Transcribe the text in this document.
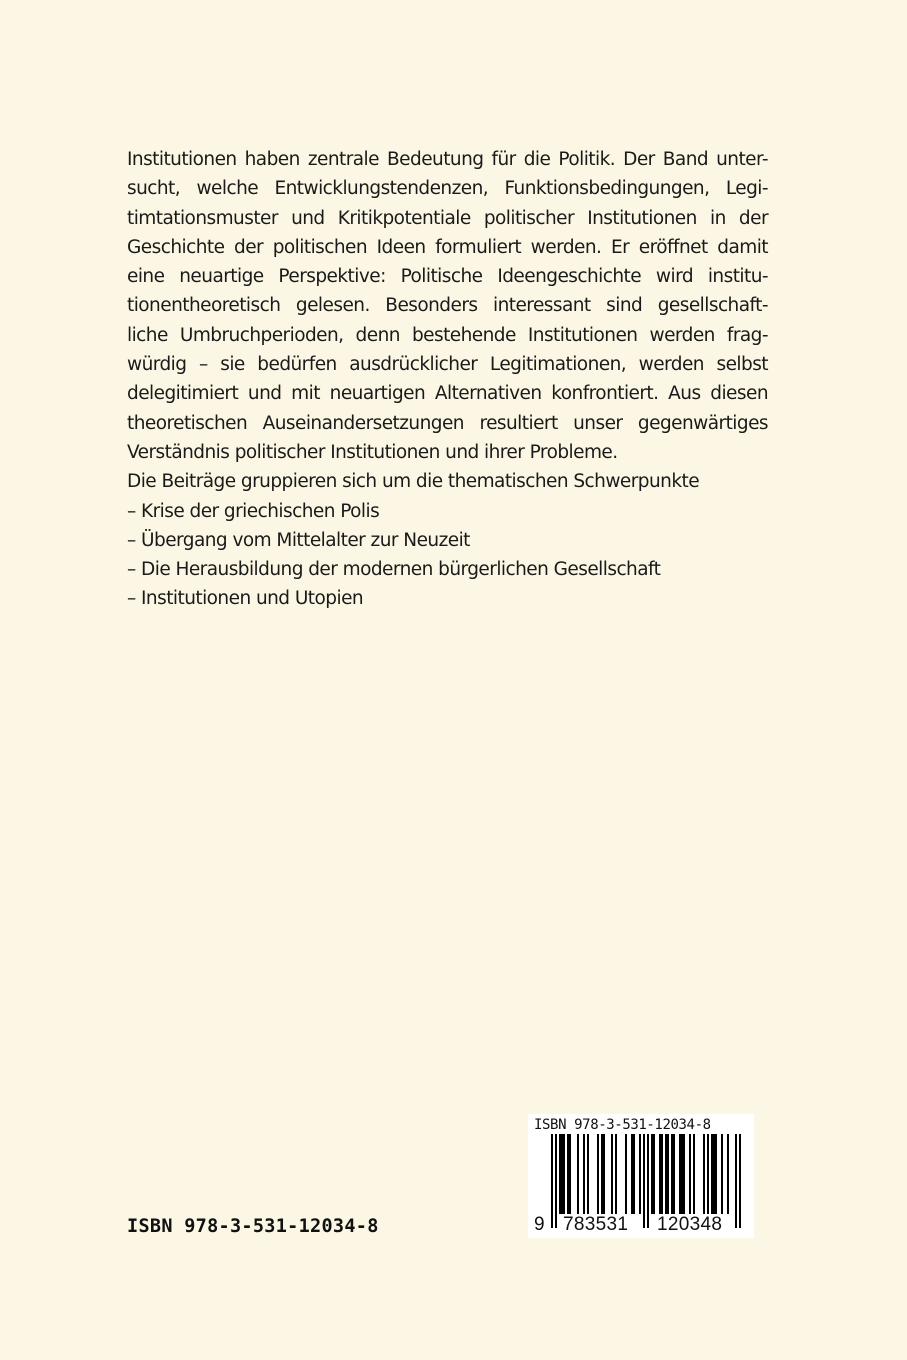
Institutionen haben zentrale Bedeutung für die Politik. Der Band unter-
sucht, welche Entwicklungstendenzen, Funktionsbedingungen, Legi-
timtationsmuster und Kritikpotentiale politischer Institutionen in der
Geschichte der politischen Ideen formuliert werden. Er eröffnet damit
eine neuartige Perspektive: Politische Ideengeschichte wird institu-
tionentheoretisch gelesen. Besonders interessant sind gesellschaft-
liche Umbruchperioden, denn bestehende Institutionen werden frag-
würdig – sie bedürfen ausdrücklicher Legitimationen, werden selbst
delegitimiert und mit neuartigen Alternativen konfrontiert. Aus diesen
theoretischen Auseinandersetzungen resultiert unser gegenwärtiges
Verständnis politischer Institutionen und ihrer Probleme.

Die Beiträge gruppieren sich um die thematischen Schwerpunkte

– Krise der griechischen Polis
– Übergang vom Mittelalter zur Neuzeit
– Die Herausbildung der modernen bürgerlichen Gesellschaft
– Institutionen und Utopien
ISBN 978-3-531-12034-8
ISBN 978-3-531-12034-8
9 783531 120348
